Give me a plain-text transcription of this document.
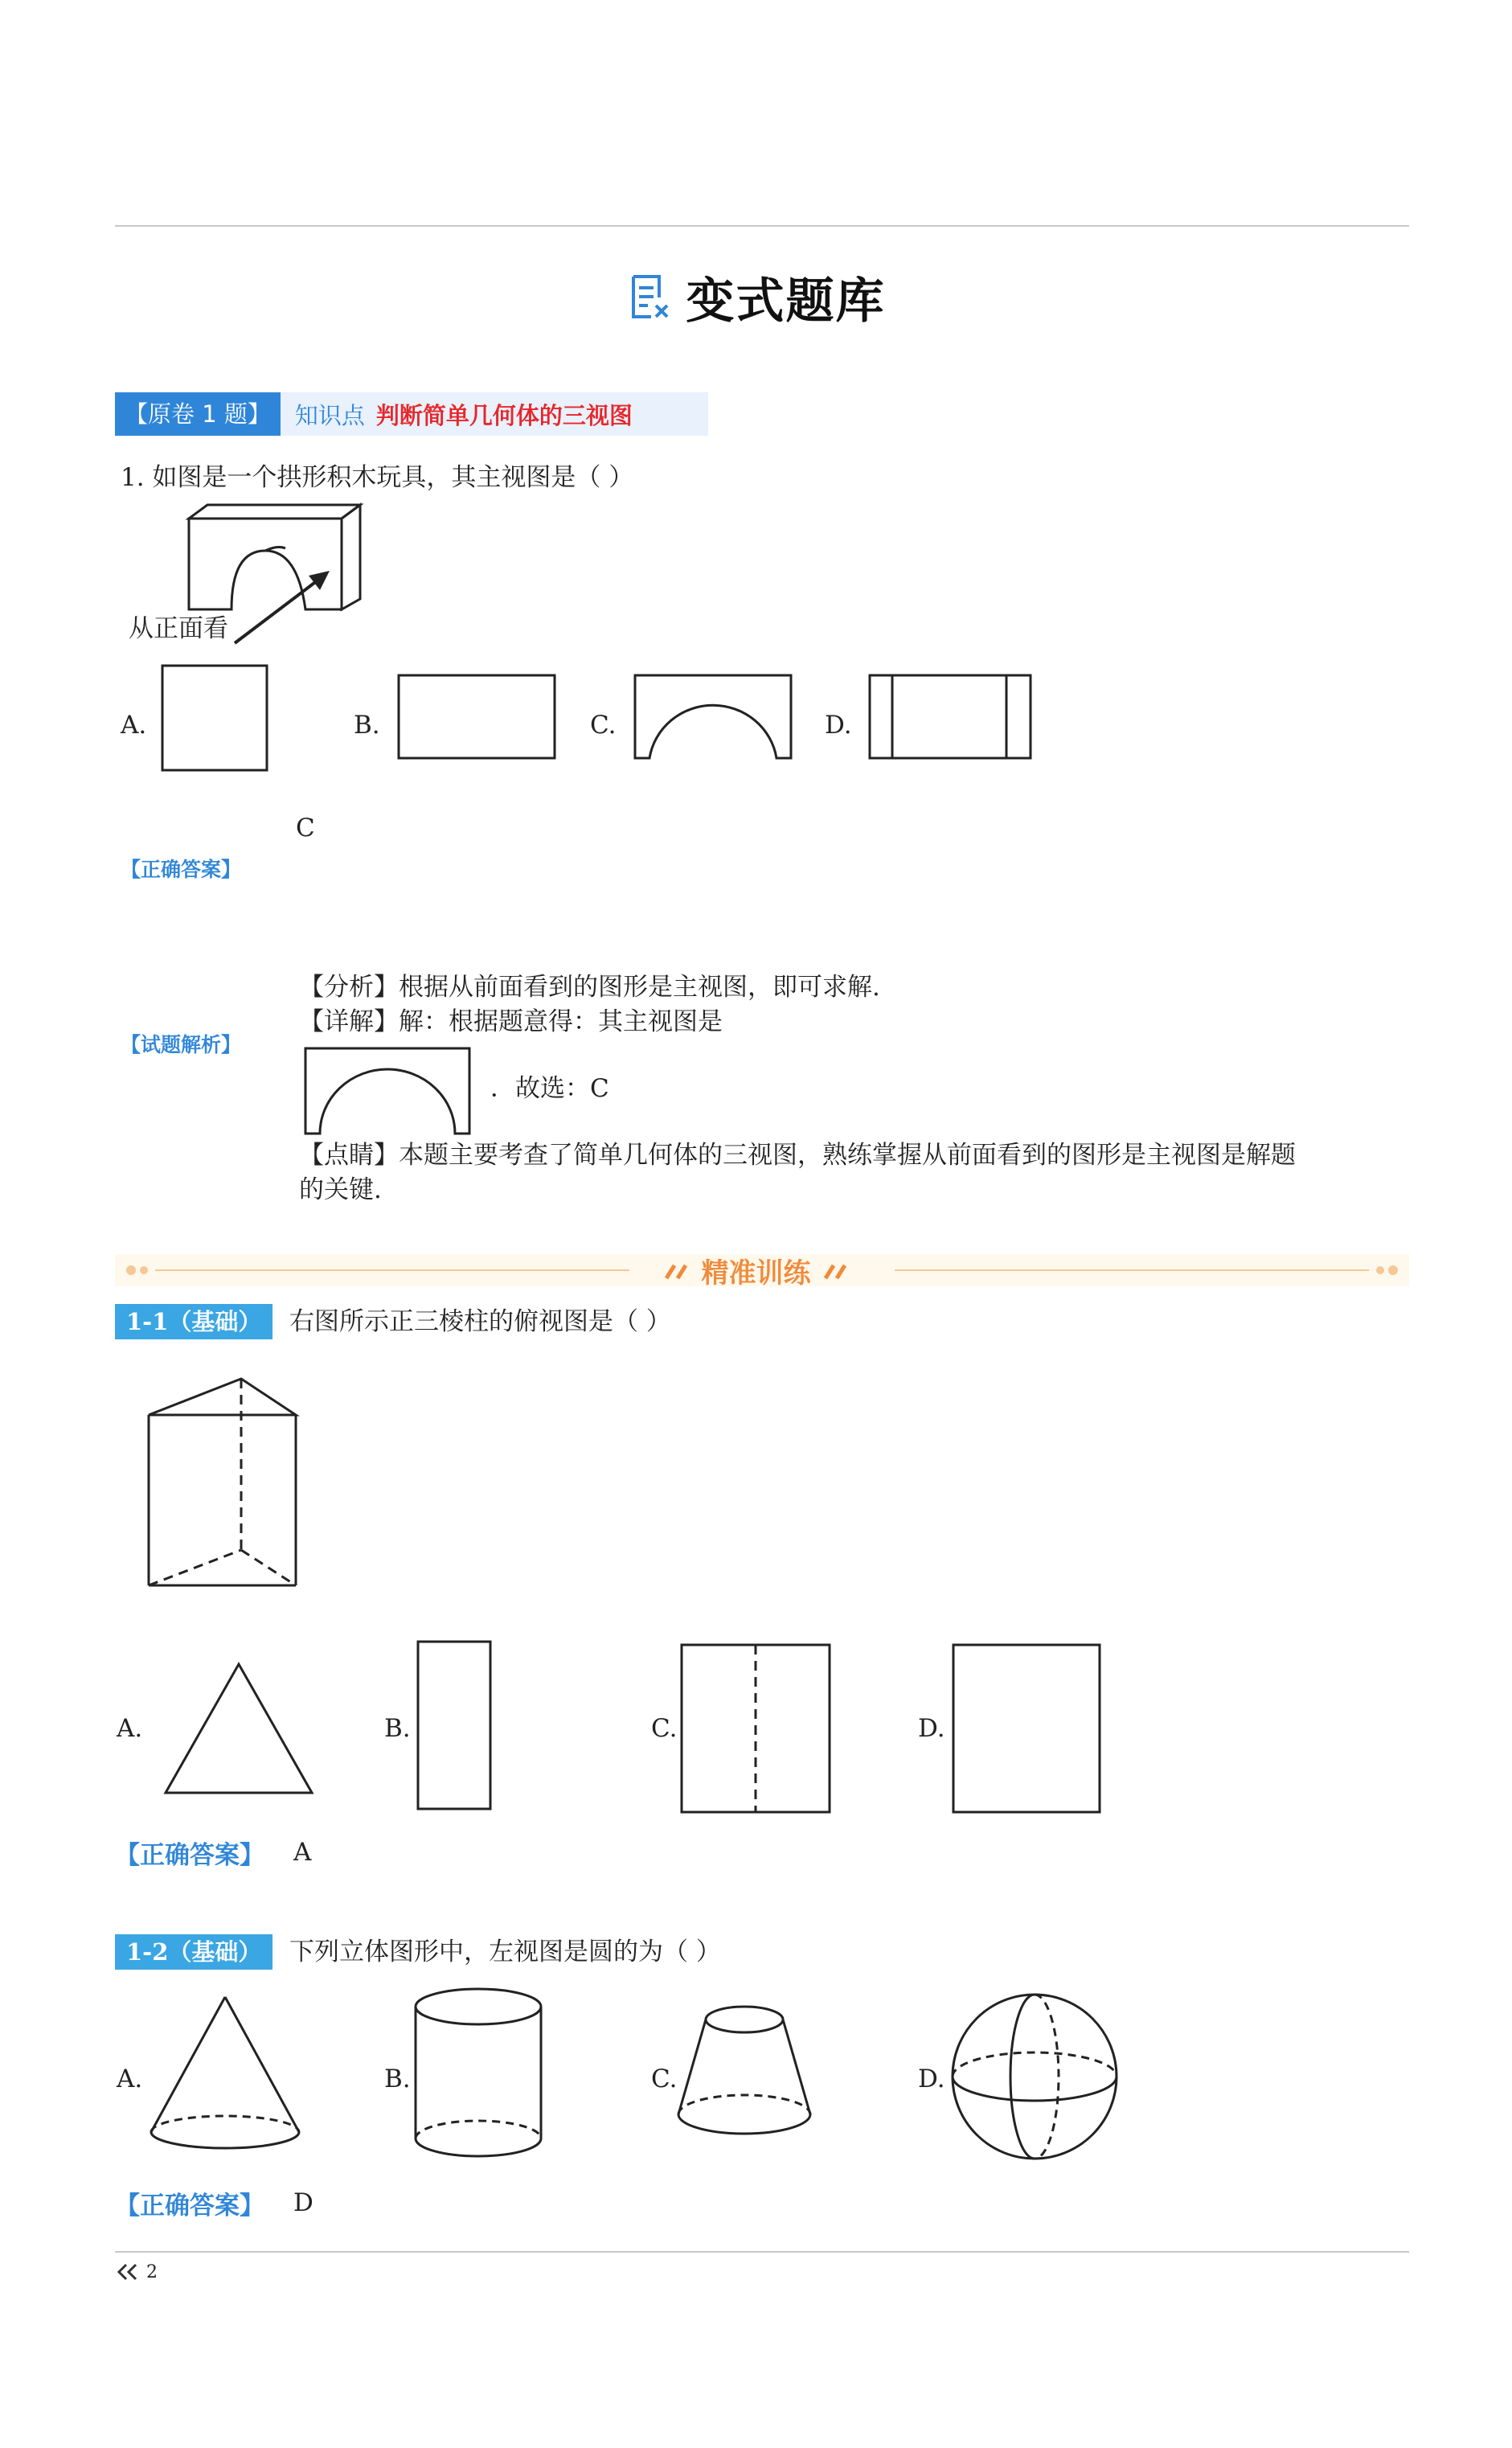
变式题库
【原卷 1 题】	知识点 判断简单几何体的三视图
1. 如图是一个拱形积木玩具，其主视图是（ ）
从正面看
A.	B.	C.	D.
C
【正确答案】
【试题解析】
【分析】根据从前面看到的图形是主视图，即可求解.
【详解】解：根据题意得：其主视图是
．故选：C
【点睛】本题主要考查了简单几何体的三视图，熟练掌握从前面看到的图形是主视图是解题
的关键.
精准训练
1-1（基础）	右图所示正三棱柱的俯视图是（ ）
A.	B.	C.	D.
【正确答案】 A
1-2（基础）	下列立体图形中，左视图是圆的为（ ）
A.	B.	C.	D.
【正确答案】 D
2
